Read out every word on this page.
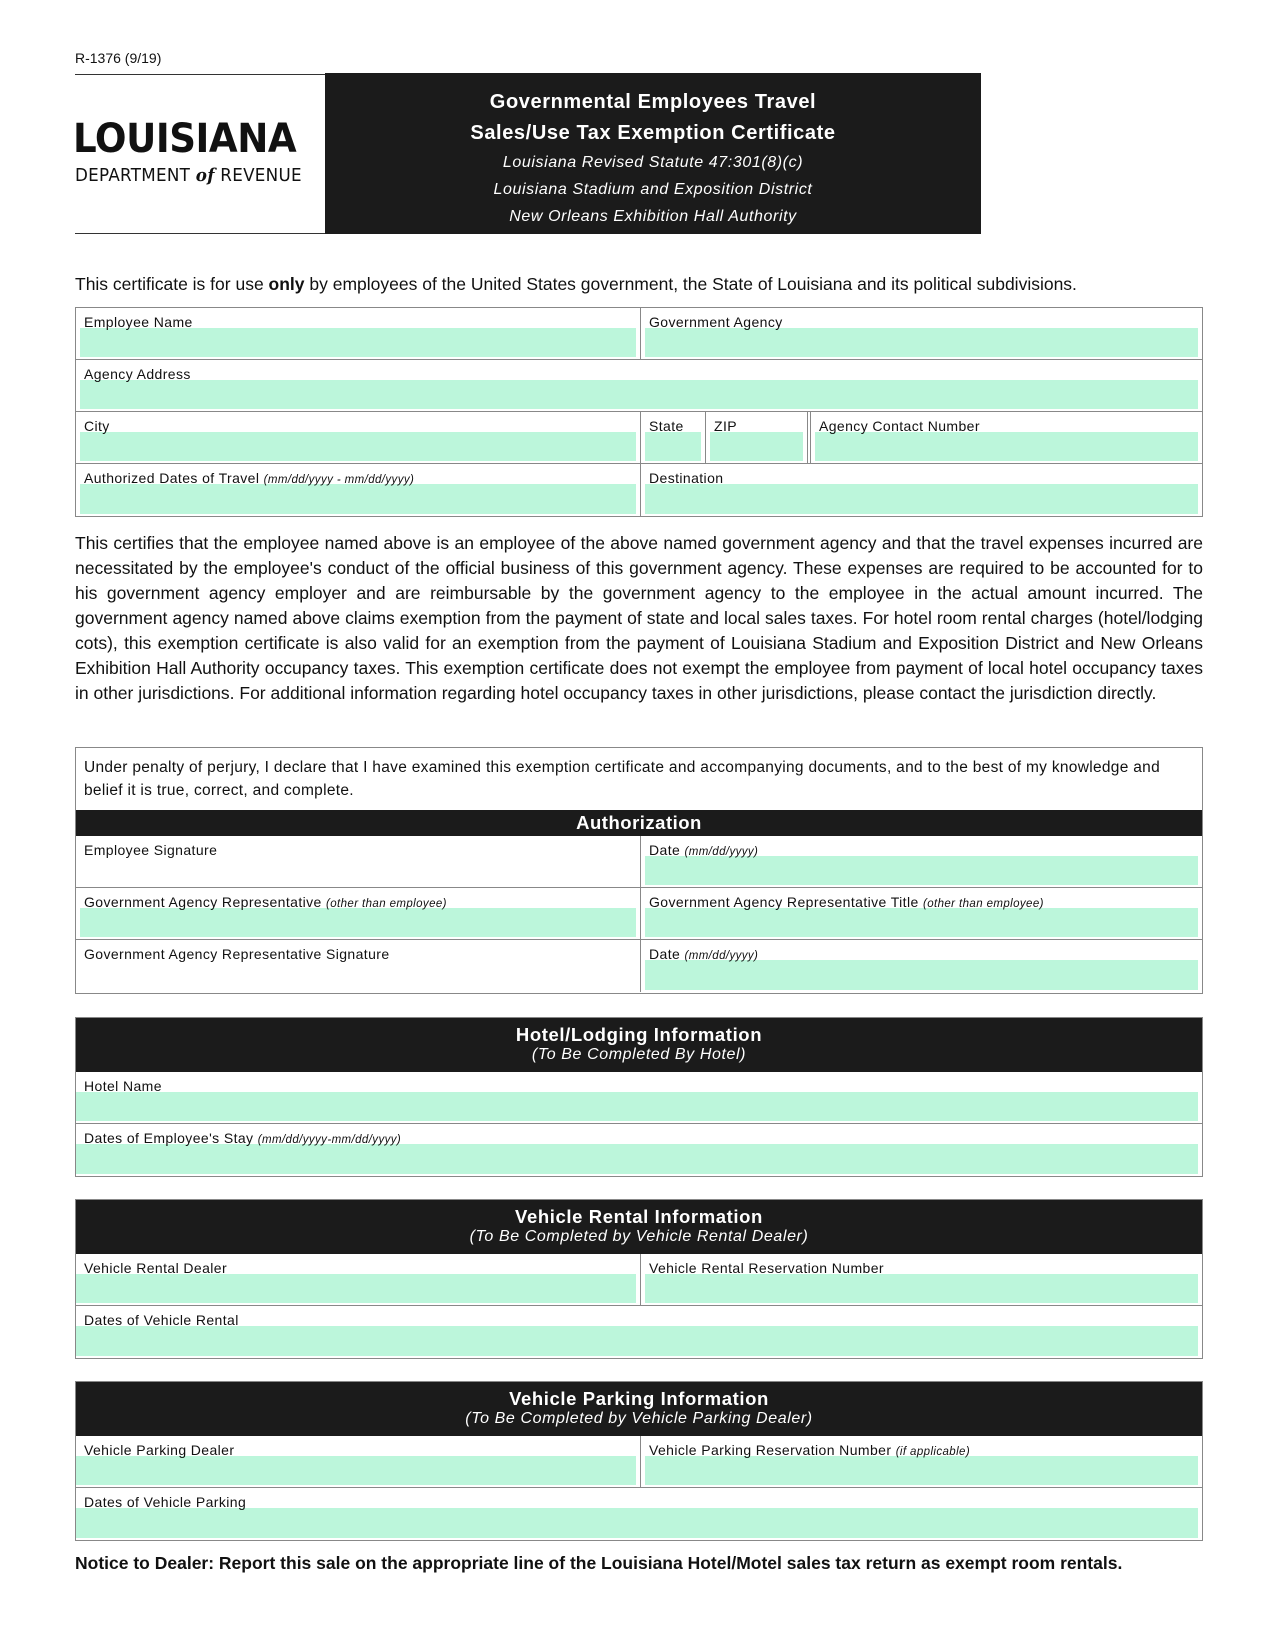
R-1376 (9/19)
LOUISIANA
DEPARTMENT of REVENUE
Governmental Employees Travel
Sales/Use Tax Exemption Certificate
Louisiana Revised Statute 47:301(8)(c)
Louisiana Stadium and Exposition District
New Orleans Exhibition Hall Authority
This certificate is for use only by employees of the United States government, the State of Louisiana and its political subdivisions.
Employee Name	Government Agency
Agency Address
City	State ZIP	Agency Contact Number
Authorized Dates of Travel (mm/dd/yyyy - mm/dd/yyyy)	Destination
This certifies that the employee named above is an employee of the above named government agency and that the travel expenses incurred are necessitated by the employee's conduct of the official business of this government agency. These expenses are required to be accounted for to his government agency employer and are reimbursable by the government agency to the employee in the actual amount incurred. The government agency named above claims exemption from the payment of state and local sales taxes. For hotel room rental charges (hotel/lodging cots), this exemption certificate is also valid for an exemption from the payment of Louisiana Stadium and Exposition District and New Orleans Exhibition Hall Authority occupancy taxes. This exemption certificate does not exempt the employee from payment of local hotel occupancy taxes in other jurisdictions. For additional information regarding hotel occupancy taxes in other jurisdictions, please contact the jurisdiction directly.
Under penalty of perjury, I declare that I have examined this exemption certificate and accompanying documents, and to the best of my knowledge and belief it is true, correct, and complete.
Authorization
Employee Signature	Date (mm/dd/yyyy)
Government Agency Representative (other than employee)	Government Agency Representative Title (other than employee)
Government Agency Representative Signature	Date (mm/dd/yyyy)
Hotel/Lodging Information
(To Be Completed By Hotel)
Hotel Name
Dates of Employee's Stay (mm/dd/yyyy-mm/dd/yyyy)
Vehicle Rental Information
(To Be Completed by Vehicle Rental Dealer)
Vehicle Rental Dealer	Vehicle Rental Reservation Number
Dates of Vehicle Rental
Vehicle Parking Information
(To Be Completed by Vehicle Parking Dealer)
Vehicle Parking Dealer	Vehicle Parking Reservation Number (if applicable)
Dates of Vehicle Parking
Notice to Dealer: Report this sale on the appropriate line of the Louisiana Hotel/Motel sales tax return as exempt room rentals.
